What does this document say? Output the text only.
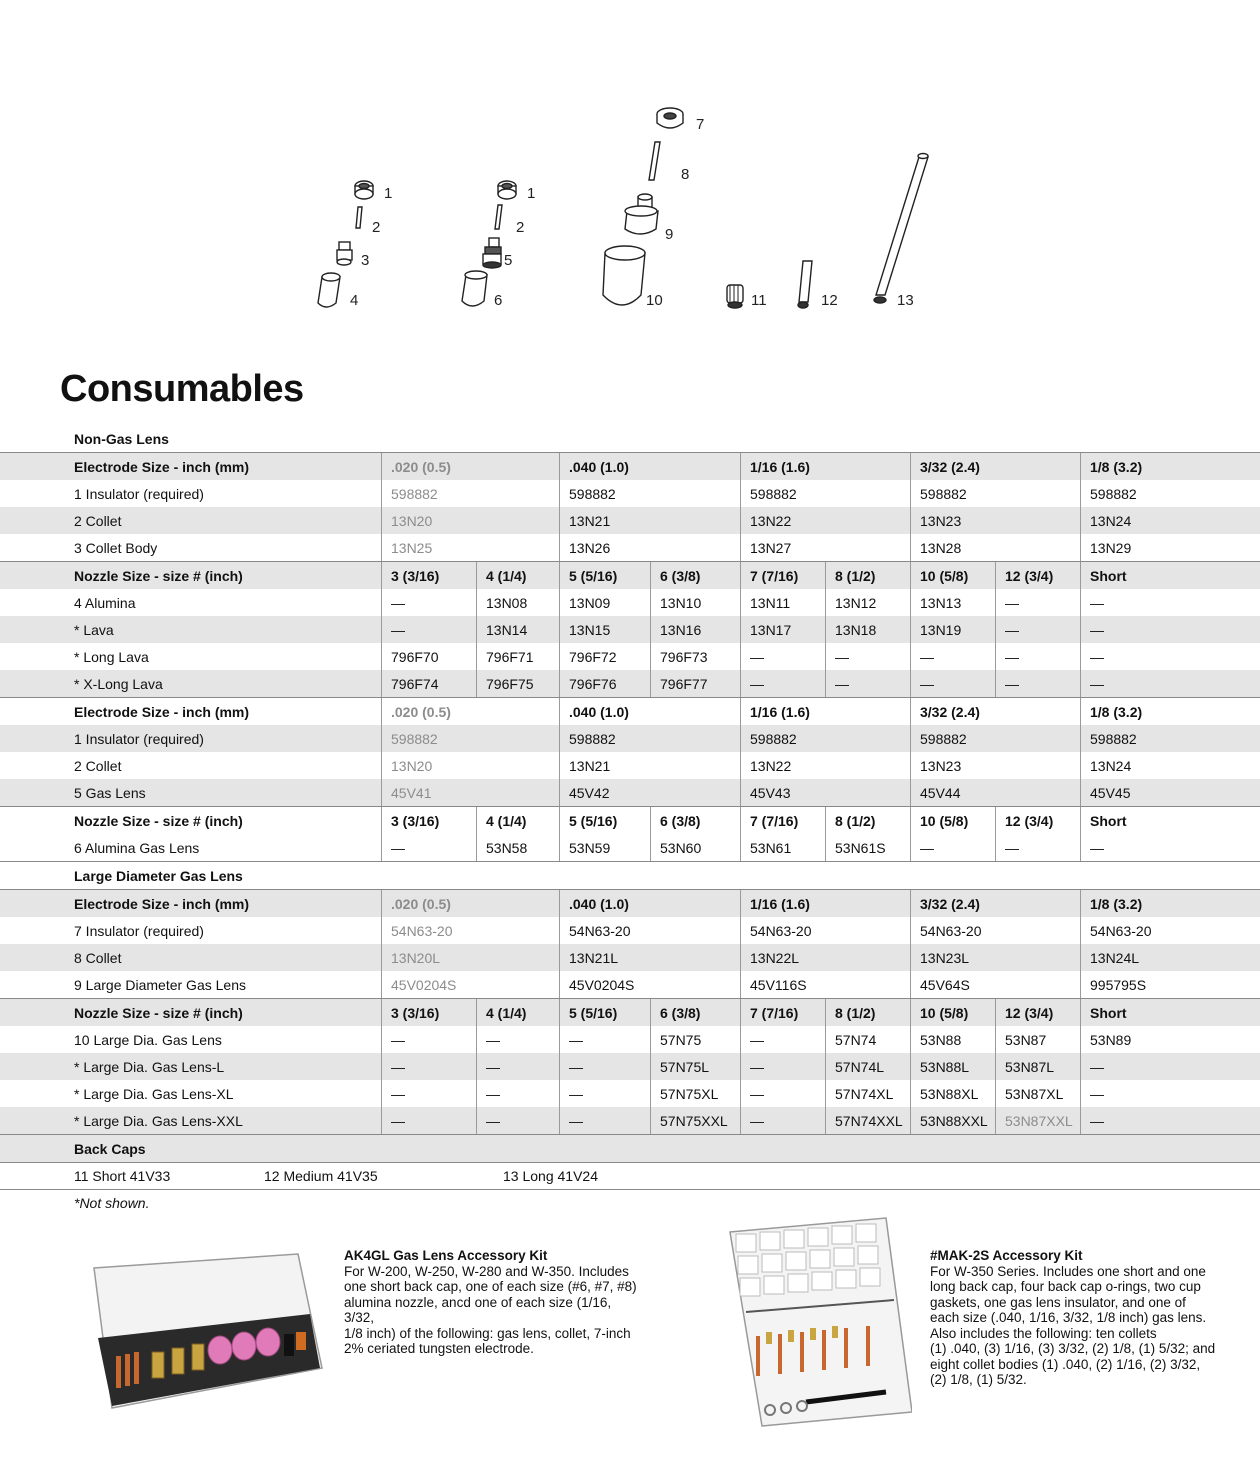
1
2
3
4
1
2
5
6
7
8
9
10	11	12	13
Consumables
Non-Gas Lens
Electrode Size - inch (mm)	.020 (0.5)	.040 (1.0)	1/16 (1.6)	3/32 (2.4)	1/8 (3.2)
1 Insulator (required)	598882	598882	598882	598882	598882
2 Collet	13N20	13N21	13N22	13N23	13N24
3 Collet Body	13N25	13N26	13N27	13N28	13N29
Nozzle Size - size # (inch)	3 (3/16)	4 (1/4)	5 (5/16)	6 (3/8)	7 (7/16)	8 (1/2)	10 (5/8)	12 (3/4)	Short
4 Alumina	—	13N08	13N09	13N10	13N11	13N12	13N13	—	—
* Lava	—	13N14	13N15	13N16	13N17	13N18	13N19	—	—
* Long Lava	796F70	796F71	796F72	796F73	—	—	—	—	—
* X-Long Lava	796F74	796F75	796F76	796F77	—	—	—	—	—
Electrode Size - inch (mm)	.020 (0.5)	.040 (1.0)	1/16 (1.6)	3/32 (2.4)	1/8 (3.2)
1 Insulator (required)	598882	598882	598882	598882	598882
2 Collet	13N20	13N21	13N22	13N23	13N24
5 Gas Lens	45V41	45V42	45V43	45V44	45V45
Nozzle Size - size # (inch)	3 (3/16)	4 (1/4)	5 (5/16)	6 (3/8)	7 (7/16)	8 (1/2)	10 (5/8)	12 (3/4)	Short
6 Alumina Gas Lens	—	53N58	53N59	53N60	53N61	53N61S	—	—	—
Large Diameter Gas Lens
Electrode Size - inch (mm)	.020 (0.5)	.040 (1.0)	1/16 (1.6)	3/32 (2.4)	1/8 (3.2)
7 Insulator (required)	54N63-20	54N63-20	54N63-20	54N63-20	54N63-20
8 Collet	13N20L	13N21L	13N22L	13N23L	13N24L
9 Large Diameter Gas Lens	45V0204S	45V0204S	45V116S	45V64S	995795S
Nozzle Size - size # (inch)	3 (3/16)	4 (1/4)	5 (5/16)	6 (3/8)	7 (7/16)	8 (1/2)	10 (5/8)	12 (3/4)	Short
10 Large Dia. Gas Lens	—	—	—	57N75	—	57N74	53N88	53N87	53N89
* Large Dia. Gas Lens-L	—	—	—	57N75L	—	57N74L	53N88L	53N87L	—
* Large Dia. Gas Lens-XL	—	—	—	57N75XL	—	57N74XL	53N88XL	53N87XL	—
* Large Dia. Gas Lens-XXL	—	—	—	57N75XXL	—	57N74XXL	53N88XXL	53N87XXL	—
Back Caps
11 Short 41V33	12 Medium 41V35	13 Long 41V24
*Not shown.
AK4GL Gas Lens Accessory Kit

For W-200, W-250, W-280 and W-350. Includes

one short back cap, one of each size (#6, #7, #8)

alumina nozzle, ancd one of each size (1/16, 3/32,

1/8 inch) of the following: gas lens, collet, 7-inch

2% ceriated tungsten electrode.

#MAK-2S Accessory Kit

For W-350 Series. Includes one short and one

long back cap, four back cap o-rings, two cup

gaskets, one gas lens insulator, and one of

each size (.040, 1/16, 3/32, 1/8 inch) gas lens.

Also includes the following: ten collets

(1) .040, (3) 1/16, (3) 3/32, (2) 1/8, (1) 5/32; and

eight collet bodies (1) .040, (2) 1/16, (2) 3/32,

(2) 1/8, (1) 5/32.
